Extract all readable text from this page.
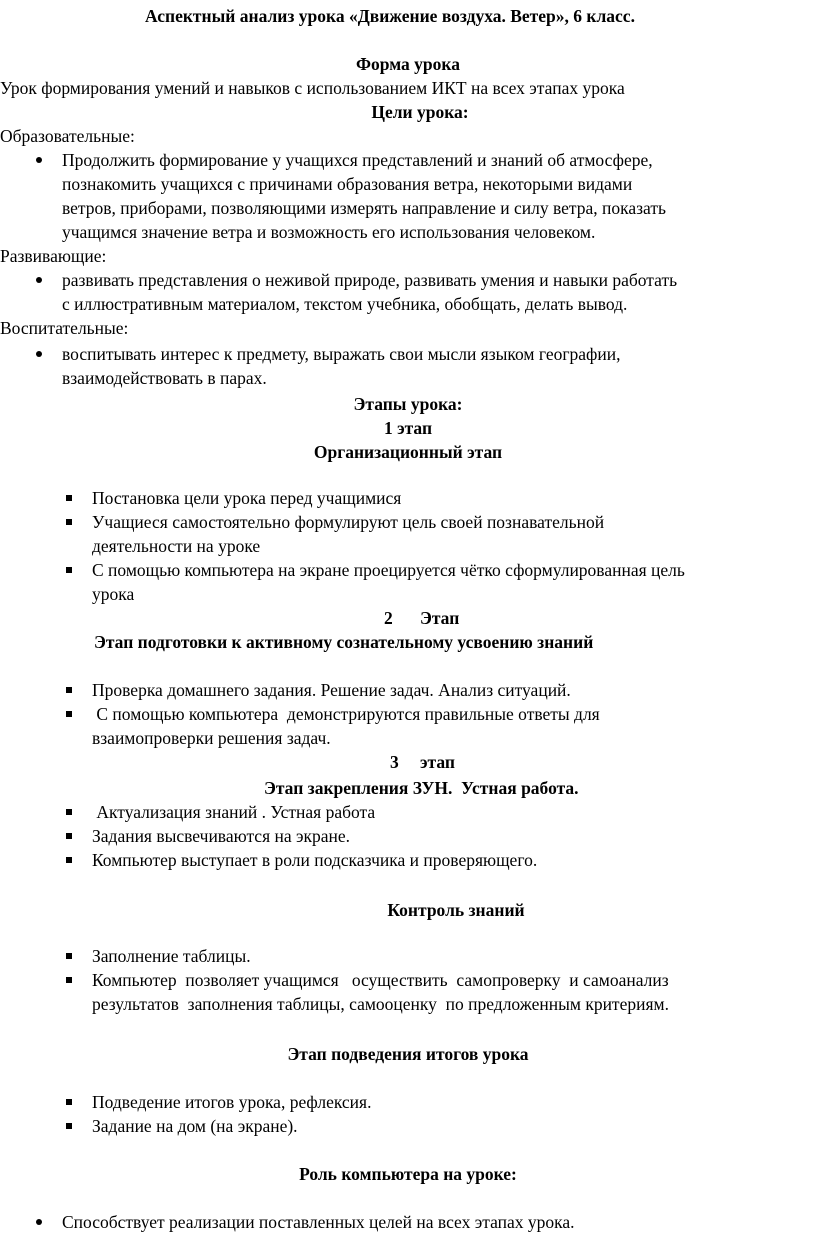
Аспектный анализ урока «Движение воздуха. Ветер», 6 класс.
Форма урока
Урок формирования умений и навыков с использованием ИКТ на всех этапах урока
Цели урока:
Образовательные:
Продолжить формирование у учащихся представлений и знаний об атмосфере,
познакомить учащихся с причинами образования ветра, некоторыми видами
ветров, приборами, позволяющими измерять направление и силу ветра, показать
учащимся значение ветра и возможность его использования человеком.
Развивающие:
развивать представления о неживой природе, развивать умения и навыки работать
с иллюстративным материалом, текстом учебника, обобщать, делать вывод.
Воспитательные:
воспитывать интерес к предмету, выражать свои мысли языком географии,
взаимодействовать в парах.
Этапы урока:
1 этап
Организационный этап
Постановка цели урока перед учащимися
Учащиеся самостоятельно формулируют цель своей познавательной
деятельности на уроке
С помощью компьютера на экране проецируется чётко сформулированная цель
урока
2 Этап
Этап подготовки к активному сознательному усвоению знаний
Проверка домашнего задания. Решение задач. Анализ ситуаций.
С помощью компьютера  демонстрируются правильные ответы для
взаимопроверки решения задач.
3 этап
Этап закрепления ЗУН.  Устная работа.
Актуализация знаний . Устная работа
Задания высвечиваются на экране.
Компьютер выступает в роли подсказчика и проверяющего.
Контроль знаний
Заполнение таблицы.
Компьютер  позволяет учащимся   осуществить  самопроверку  и самоанализ
результатов  заполнения таблицы, самооценку  по предложенным критериям.
Этап подведения итогов урока
Подведение итогов урока, рефлексия.
Задание на дом (на экране).
Роль компьютера на уроке:
Способствует реализации поставленных целей на всех этапах урока.
